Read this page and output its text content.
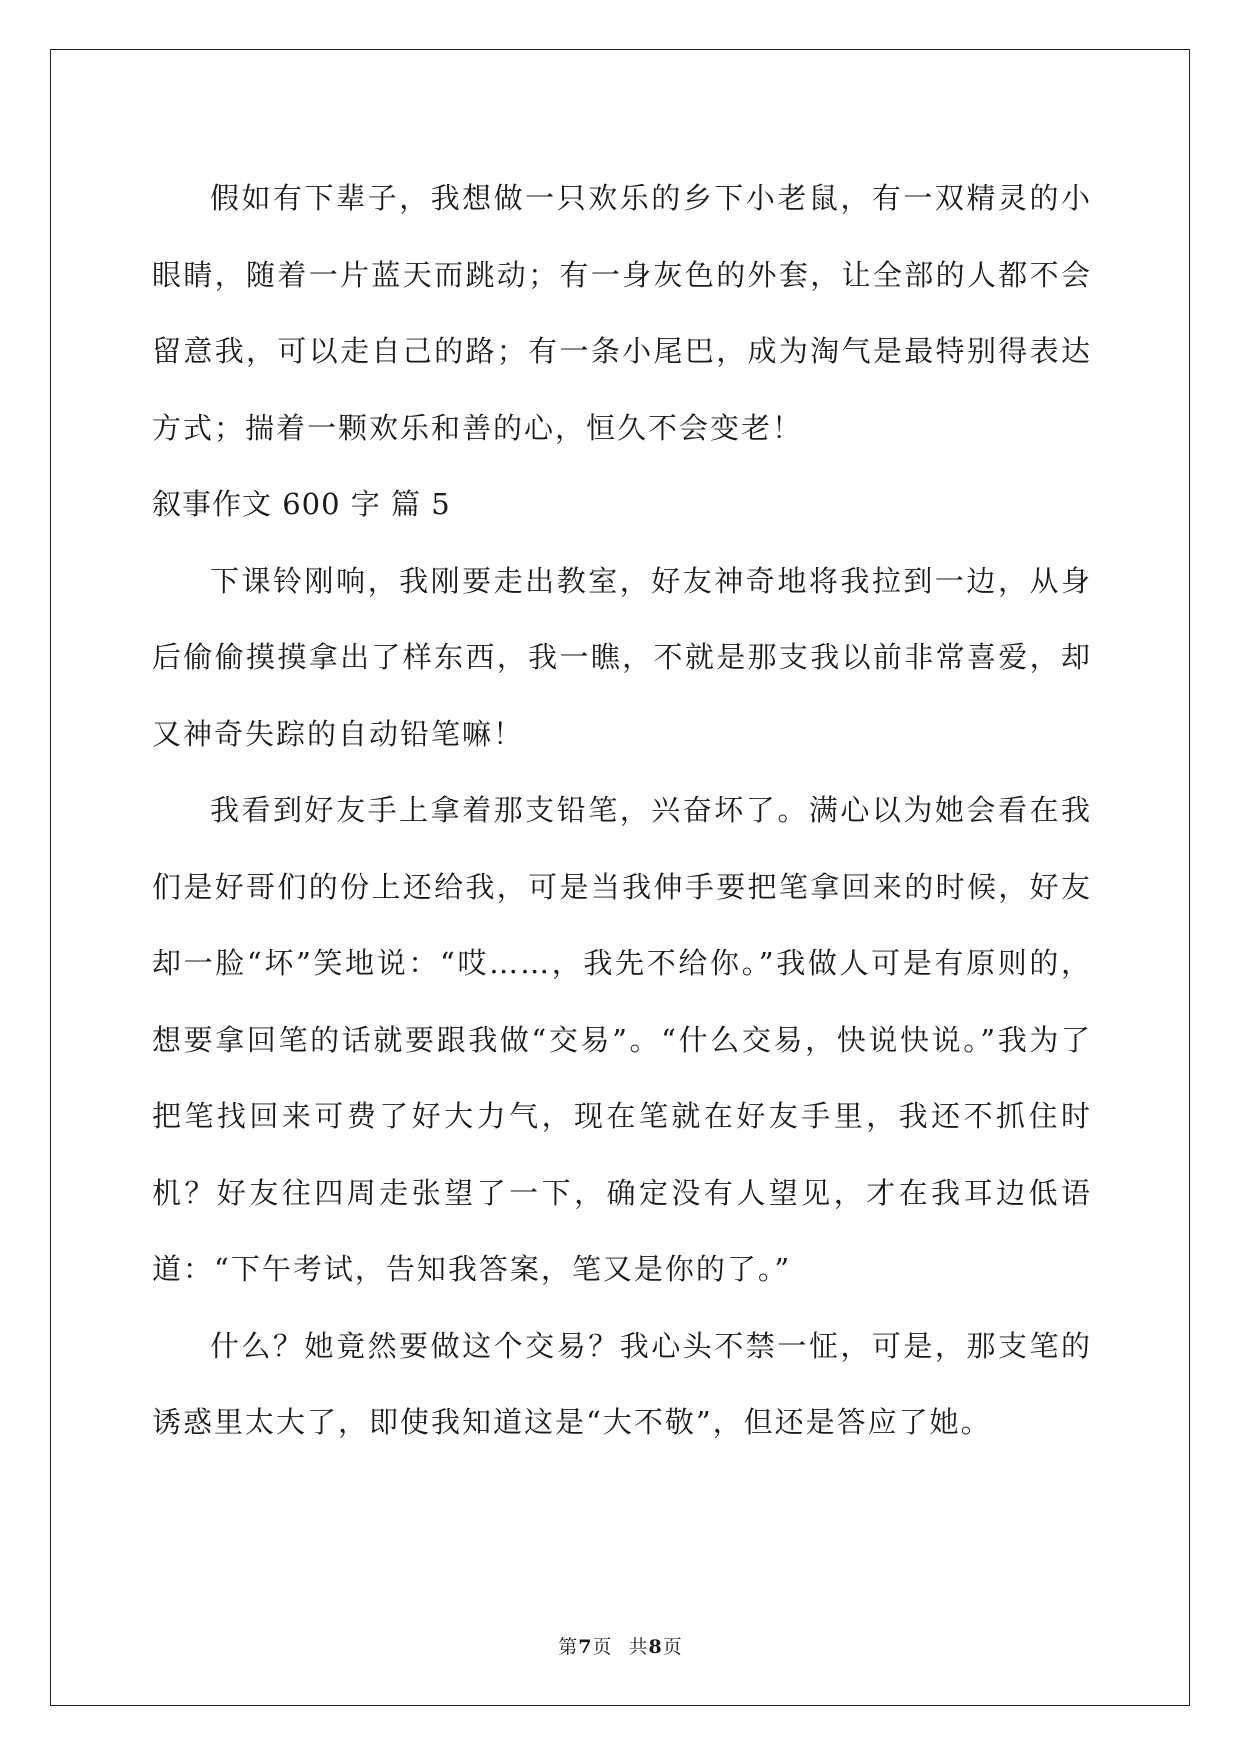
假如有下辈子，我想做一只欢乐的乡下小老鼠，有一双精灵的小眼睛，随着一片蓝天而跳动；有一身灰色的外套，让全部的人都不会留意我，可以走自己的路；有一条小尾巴，成为淘气是最特别得表达方式；揣着一颗欢乐和善的心，恒久不会变老！

叙事作文 600 字 篇 5

下课铃刚响，我刚要走出教室，好友神奇地将我拉到一边，从身后偷偷摸摸拿出了样东西，我一瞧，不就是那支我以前非常喜爱，却又神奇失踪的自动铅笔嘛！

我看到好友手上拿着那支铅笔，兴奋坏了。满心以为她会看在我们是好哥们的份上还给我，可是当我伸手要把笔拿回来的时候，好友却一脸“坏”笑地说：“哎……，我先不给你。”我做人可是有原则的，想要拿回笔的话就要跟我做“交易”。“什么交易，快说快说。”我为了把笔找回来可费了好大力气，现在笔就在好友手里，我还不抓住时机？好友往四周走张望了一下，确定没有人望见，才在我耳边低语道：“下午考试，告知我答案，笔又是你的了。”

什么？她竟然要做这个交易？我心头不禁一怔，可是，那支笔的诱惑里太大了，即使我知道这是“大不敬”，但还是答应了她。

第7页 共8页
